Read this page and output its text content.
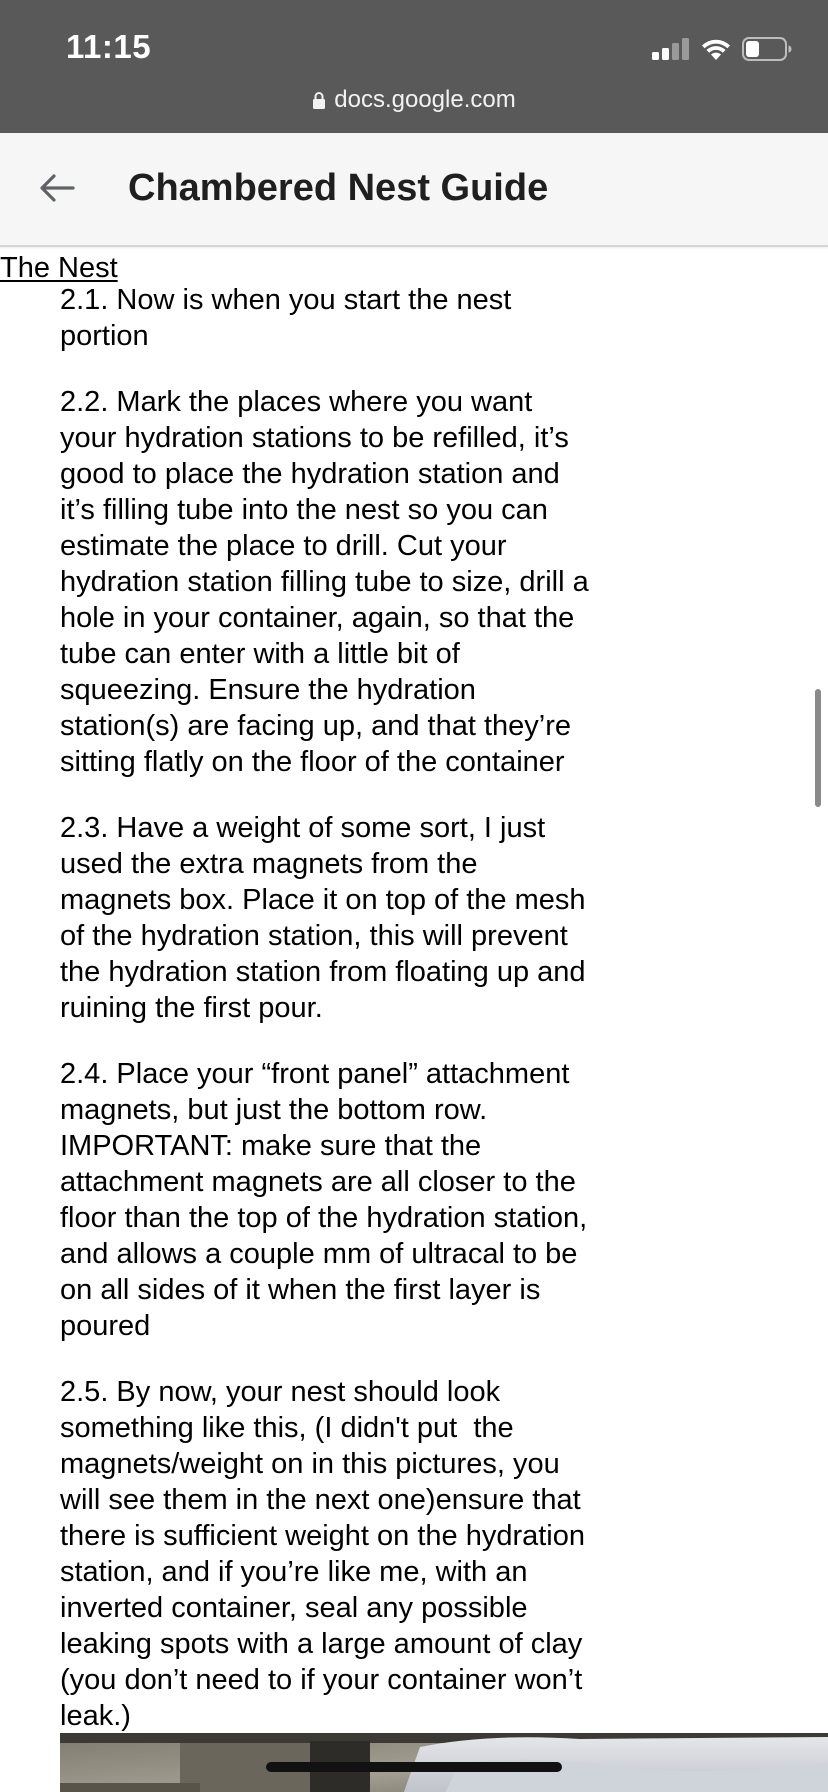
11:15
docs.google.com
Chambered Nest Guide
The Nest

2.1. Now is when you start the nest
portion

2.2. Mark the places where you want
your hydration stations to be refilled, it’s
good to place the hydration station and
it’s filling tube into the nest so you can
estimate the place to drill. Cut your
hydration station filling tube to size, drill a
hole in your container, again, so that the
tube can enter with a little bit of
squeezing. Ensure the hydration
station(s) are facing up, and that they’re
sitting flatly on the floor of the container

2.3. Have a weight of some sort, I just
used the extra magnets from the
magnets box. Place it on top of the mesh
of the hydration station, this will prevent
the hydration station from floating up and
ruining the first pour.

2.4. Place your “front panel” attachment
magnets, but just the bottom row.
IMPORTANT: make sure that the
attachment magnets are all closer to the
floor than the top of the hydration station,
and allows a couple mm of ultracal to be
on all sides of it when the first layer is
poured

2.5. By now, your nest should look
something like this, (I didn't put  the
magnets/weight on in this pictures, you
will see them in the next one)ensure that
there is sufficient weight on the hydration
station, and if you’re like me, with an
inverted container, seal any possible
leaking spots with a large amount of clay
(you don’t need to if your container won’t
leak.)
